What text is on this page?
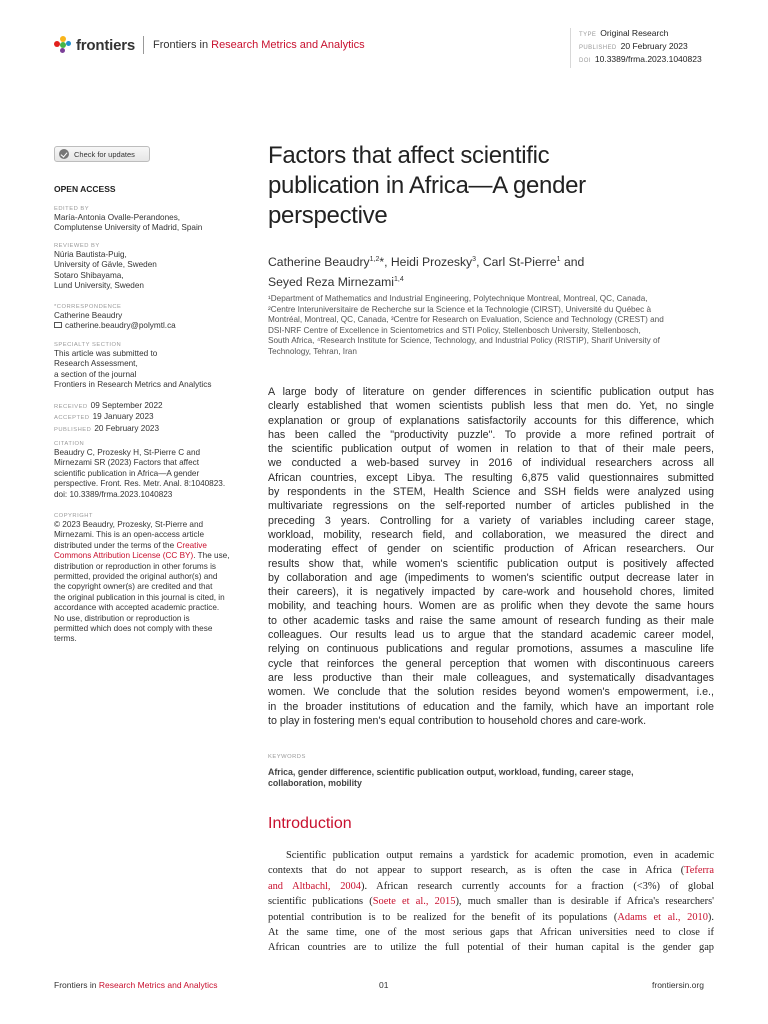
frontiers Frontiers in Research Metrics and Analytics
TYPE Original Research
PUBLISHED 20 February 2023
DOI 10.3389/frma.2023.1040823
Check for updates
OPEN ACCESS
EDITED BY
María-Antonia Ovalle-Perandones,
Complutense University of Madrid, Spain
REVIEWED BY
Núria Bautista-Puig,
University of Gävle, Sweden
Sotaro Shibayama,
Lund University, Sweden
*CORRESPONDENCE
Catherine Beaudry
catherine.beaudry@polymtl.ca
SPECIALTY SECTION
This article was submitted to
Research Assessment,
a section of the journal
Frontiers in Research Metrics and Analytics
RECEIVED 09 September 2022
ACCEPTED 19 January 2023
PUBLISHED 20 February 2023
CITATION
Beaudry C, Prozesky H, St-Pierre C and
Mirnezami SR (2023) Factors that affect
scientific publication in Africa—A gender
perspective. Front. Res. Metr. Anal. 8:1040823.
doi: 10.3389/frma.2023.1040823
COPYRIGHT
© 2023 Beaudry, Prozesky, St-Pierre and
Mirnezami. This is an open-access article
distributed under the terms of the Creative
Commons Attribution License (CC BY). The use,
distribution or reproduction in other forums is
permitted, provided the original author(s) and
the copyright owner(s) are credited and that
the original publication in this journal is cited, in
accordance with accepted academic practice.
No use, distribution or reproduction is
permitted which does not comply with these
terms.
Factors that affect scientific
publication in Africa—A gender
perspective
Catherine Beaudry$^{1,2}$*, Heidi Prozesky$^3$, Carl St-Pierre$^1$ and
Seyed Reza Mirnezami$^{1,4}$
¹Department of Mathematics and Industrial Engineering, Polytechnique Montreal, Montreal, QC, Canada,
²Centre Interuniversitaire de Recherche sur la Science et la Technologie (CIRST), Université du Québec à
Montréal, Montreal, QC, Canada, ³Centre for Research on Evaluation, Science and Technology (CREST) and
DSI-NRF Centre of Excellence in Scientometrics and STI Policy, Stellenbosch University, Stellenbosch,
South Africa, ⁴Research Institute for Science, Technology, and Industrial Policy (RISTIP), Sharif University of
Technology, Tehran, Iran
A large body of literature on gender differences in scientific publication output has
clearly established that women scientists publish less that men do. Yet, no single
explanation or group of explanations satisfactorily accounts for this difference, which
has been called the "productivity puzzle". To provide a more refined portrait of
the scientific publication output of women in relation to that of their male peers,
we conducted a web-based survey in 2016 of individual researchers across all
African countries, except Libya. The resulting 6,875 valid questionnaires submitted
by respondents in the STEM, Health Science and SSH fields were analyzed using
multivariate regressions on the self-reported number of articles published in the
preceding 3 years. Controlling for a variety of variables including career stage,
workload, mobility, research field, and collaboration, we measured the direct and
moderating effect of gender on scientific production of African researchers. Our
results show that, while women's scientific publication output is positively affected
by collaboration and age (impediments to women's scientific output decrease later in
their careers), it is negatively impacted by care-work and household chores, limited
mobility, and teaching hours. Women are as prolific when they devote the same hours
to other academic tasks and raise the same amount of research funding as their male
colleagues. Our results lead us to argue that the standard academic career model,
relying on continuous publications and regular promotions, assumes a masculine life
cycle that reinforces the general perception that women with discontinuous careers
are less productive than their male colleagues, and systematically disadvantages
women. We conclude that the solution resides beyond women's empowerment, i.e.,
in the broader institutions of education and the family, which have an important role
to play in fostering men's equal contribution to household chores and care-work.
KEYWORDS
Africa, gender difference, scientific publication output, workload, funding, career stage,
collaboration, mobility
Introduction
Scientific publication output remains a yardstick for academic promotion, even in academic
contexts that do not appear to support research, as is often the case in Africa (Teferra
and Altbachl, 2004). African research currently accounts for a fraction (<3%) of global
scientific publications (Soete et al., 2015), much smaller than is desirable if Africa's researchers'
potential contribution is to be realized for the benefit of its populations (Adams et al., 2010).
At the same time, one of the most serious gaps that African universities need to close if
African countries are to utilize the full potential of their human capital is the gender gap
Frontiers in Research Metrics and Analytics	01	frontiersin.org
